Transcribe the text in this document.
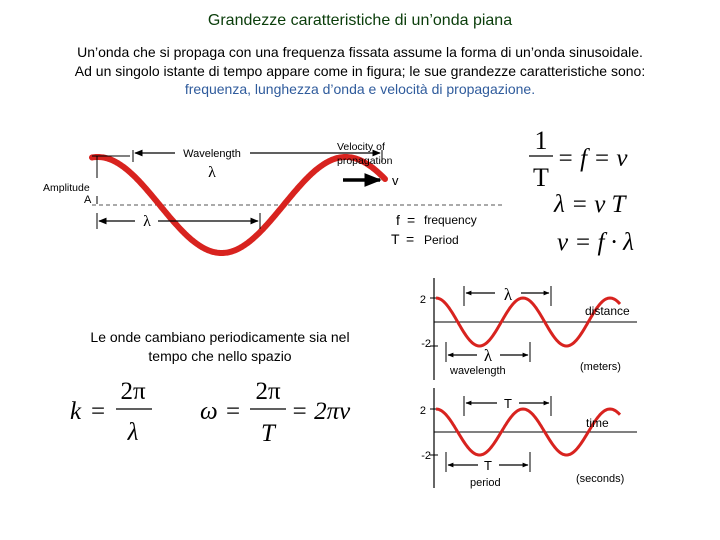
Grandezze caratteristiche di un’onda piana
Un’onda che si propaga con una frequenza fissata assume la forma di un’onda sinusoidale.
Ad un singolo istante di tempo appare come in figura; le sue grandezze caratteristiche sono:
frequenza, lunghezza d’onda e velocità di propagazione.
Wavelength
λ
Amplitude
A
λ
Velocity of
propagation
v
f = frequency
T = Period
1
T
= f = ν
λ = v T
v = f · λ
k =
2π
λ
ω =
2π
T
= 2πν
2
-2
λ
λ
distance
(meters)
wavelength
2
-2
T
T
time
(seconds)
period
Le onde cambiano periodicamente sia nel
tempo che nello spazio
